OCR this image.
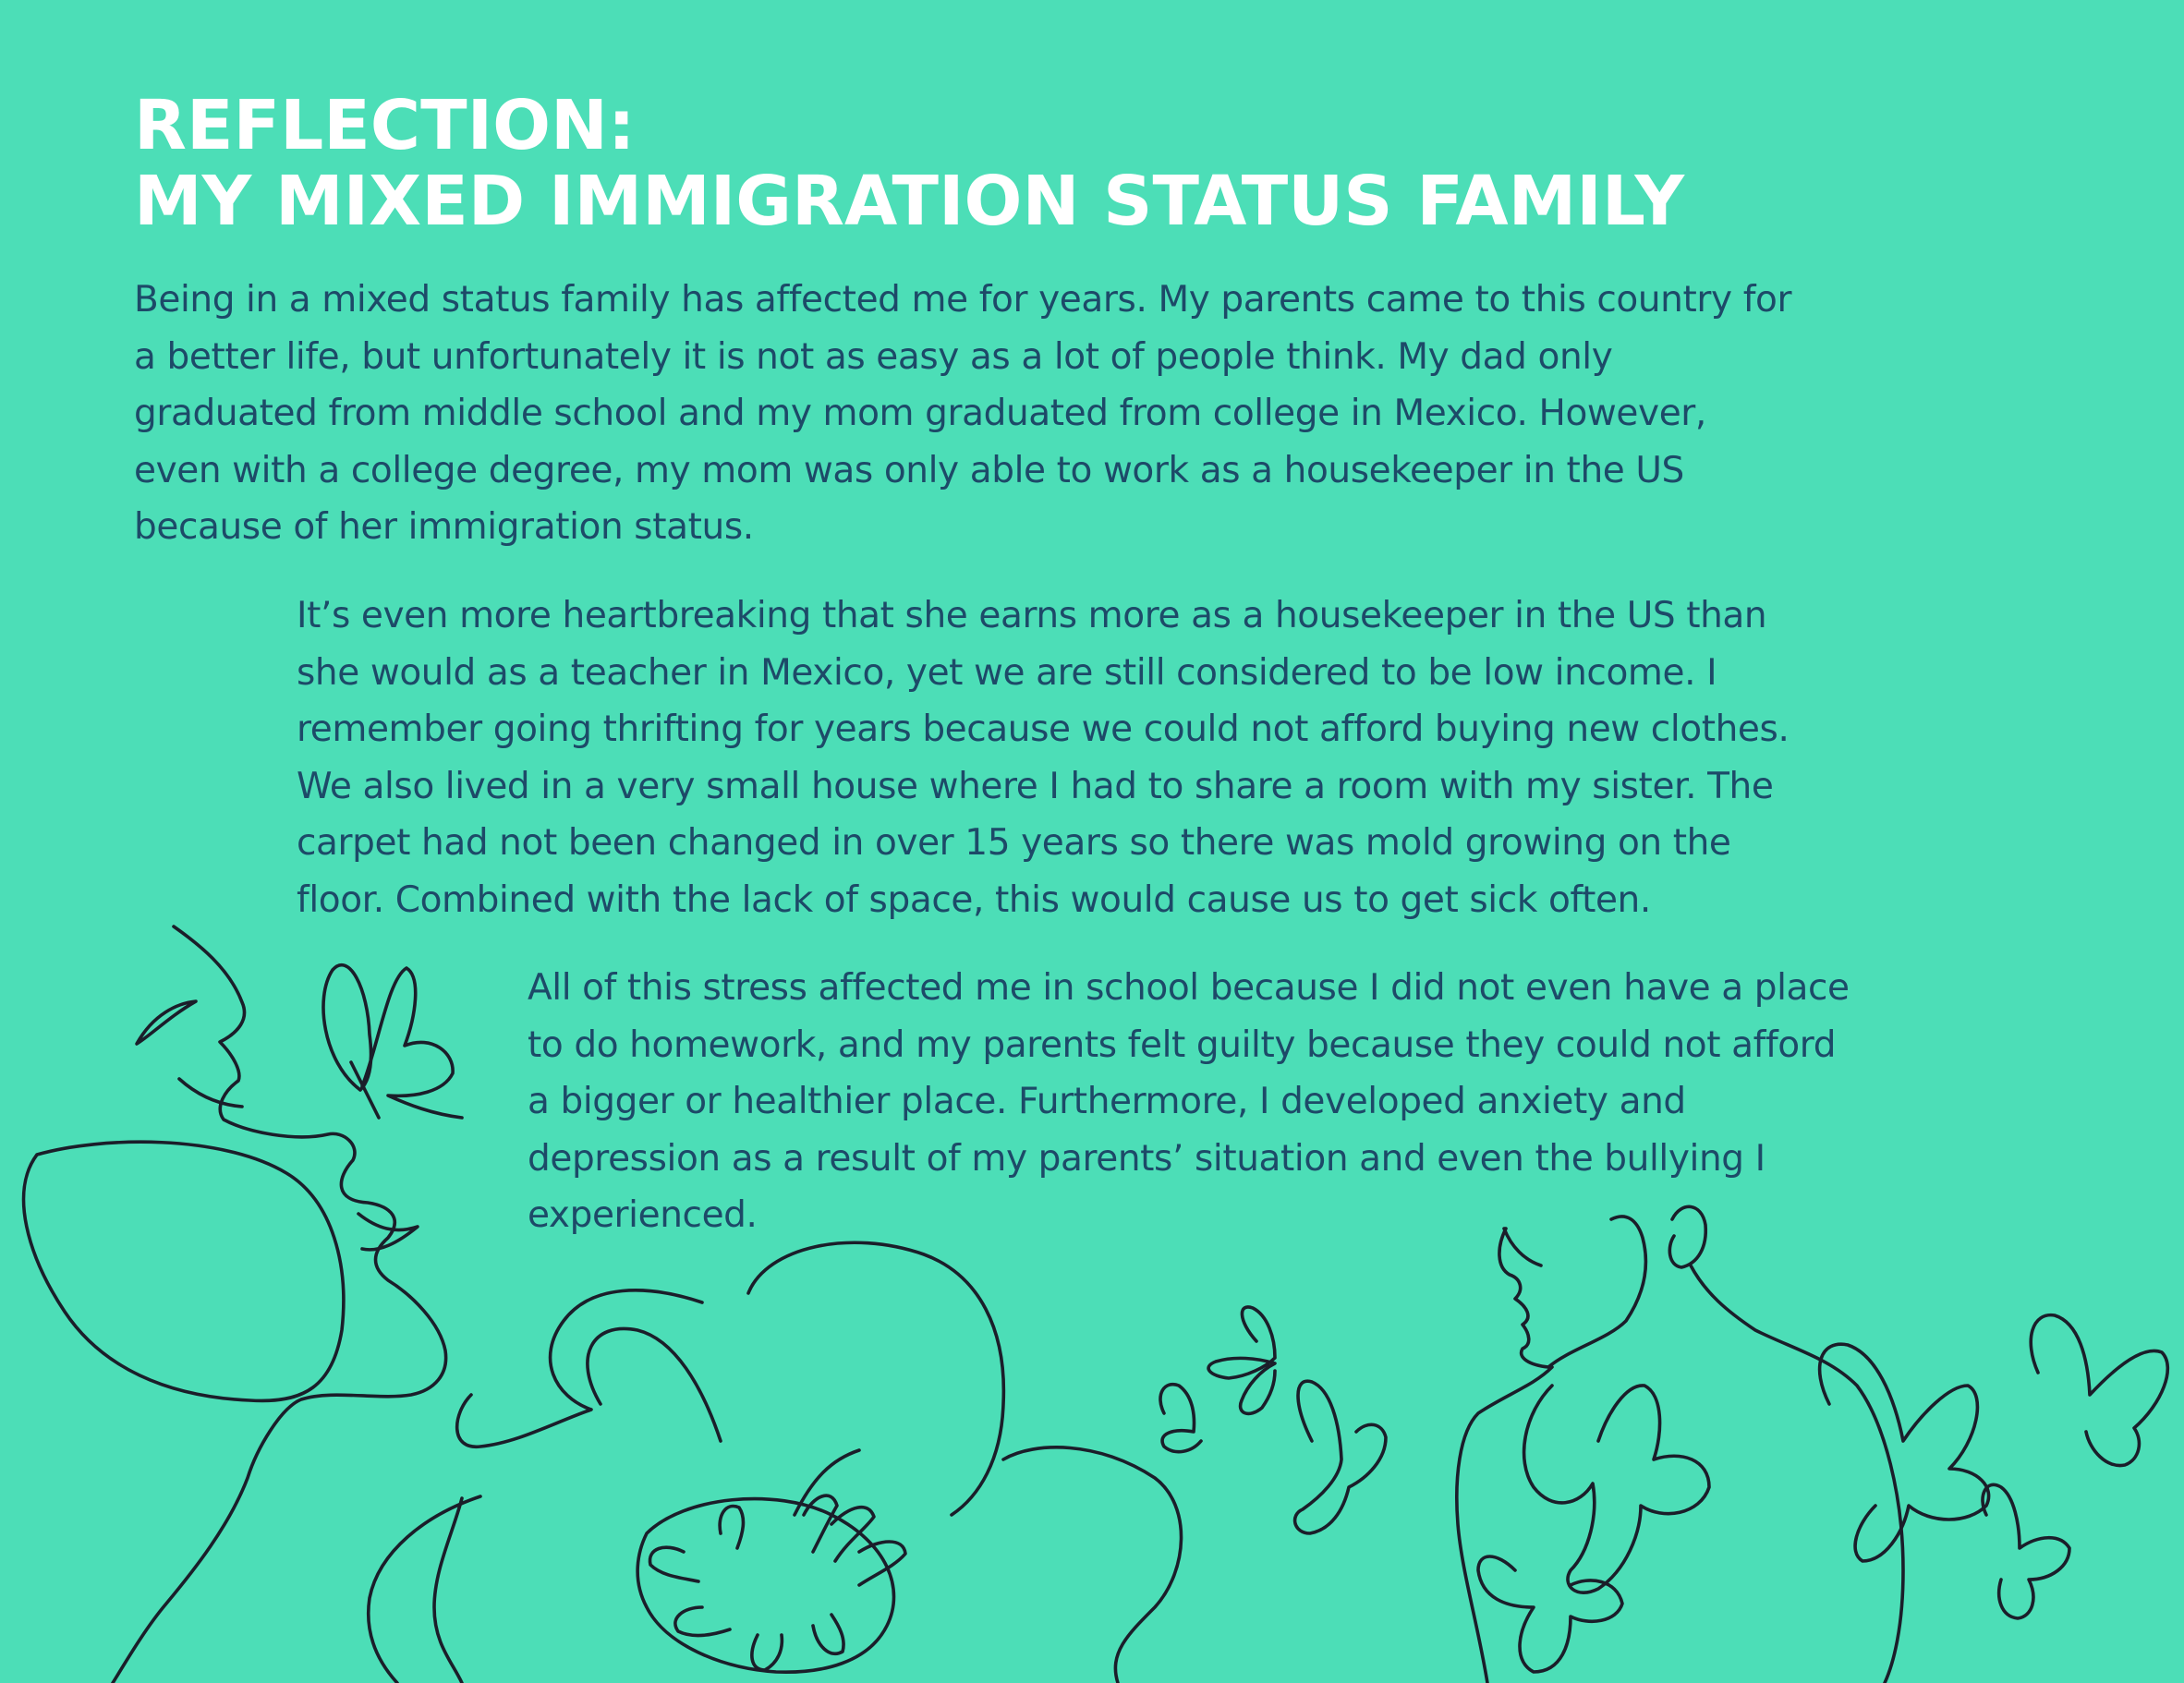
REFLECTION:
MY MIXED IMMIGRATION STATUS FAMILY

Being in a mixed status family has affected me for years. My parents came to this country for
a better life, but unfortunately it is not as easy as a lot of people think. My dad only
graduated from middle school and my mom graduated from college in Mexico. However,
even with a college degree, my mom was only able to work as a housekeeper in the US
because of her immigration status.

It’s even more heartbreaking that she earns more as a housekeeper in the US than
she would as a teacher in Mexico, yet we are still considered to be low income. I
remember going thrifting for years because we could not afford buying new clothes.
We also lived in a very small house where I had to share a room with my sister. The
carpet had not been changed in over 15 years so there was mold growing on the
floor. Combined with the lack of space, this would cause us to get sick often.

All of this stress affected me in school because I did not even have a place
to do homework, and my parents felt guilty because they could not afford
a bigger or healthier place. Furthermore, I developed anxiety and
depression as a result of my parents’ situation and even the bullying I
experienced.
